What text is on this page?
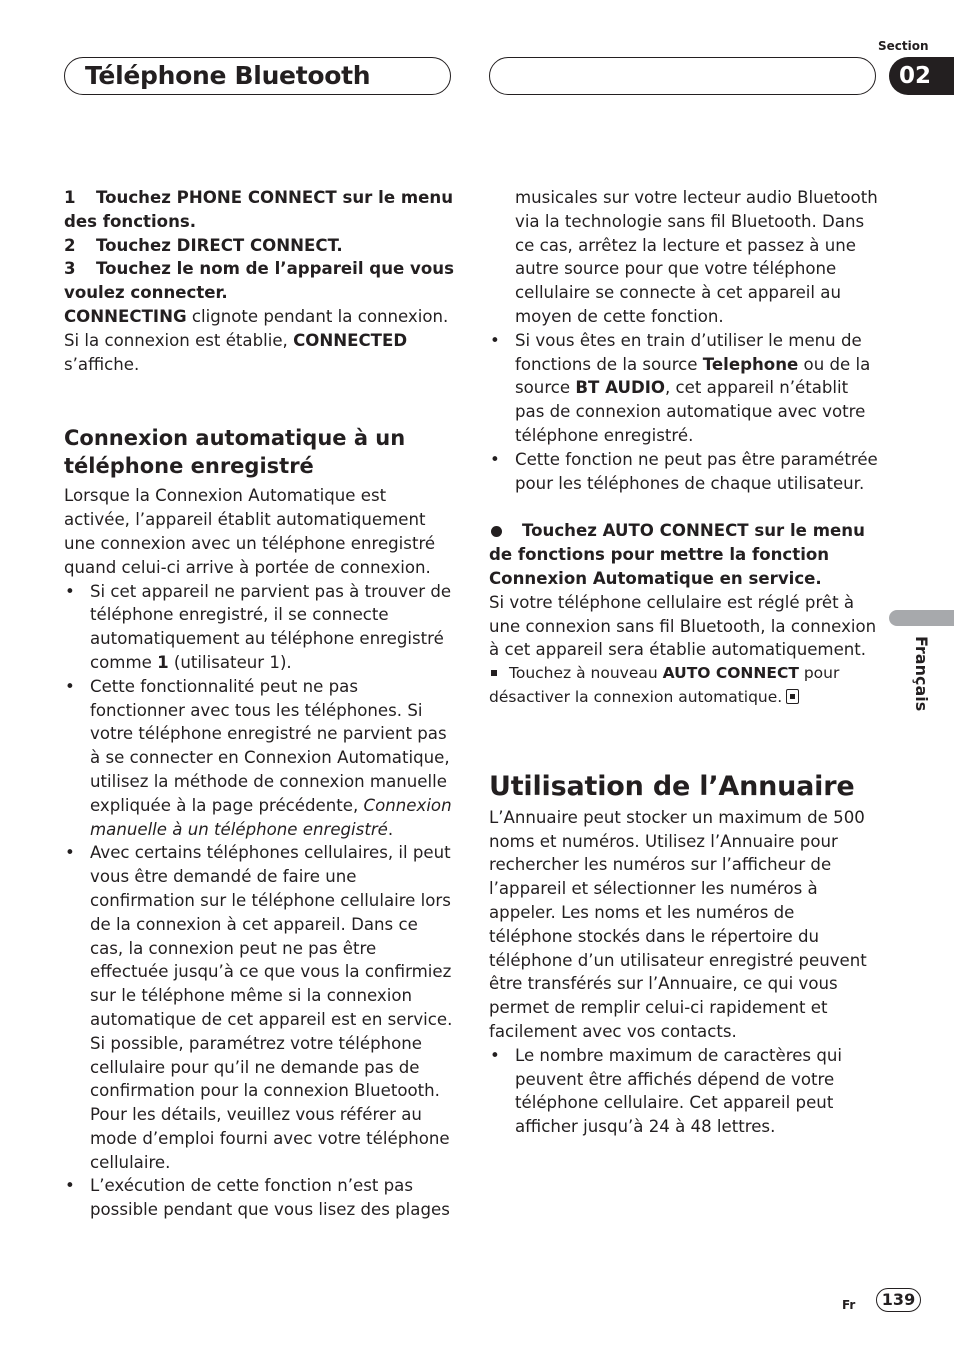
Téléphone Bluetooth
Section
02
Français

1 Touchez PHONE CONNECT sur le menu des fonctions.

2 Touchez DIRECT CONNECT.

3 Touchez le nom de l’appareil que vous voulez connecter.

CONNECTING clignote pendant la connexion. Si la connexion est établie, CONNECTED s’affiche.

Connexion automatique à un téléphone enregistré

Lorsque la Connexion Automatique est activée, l’appareil établit automatiquement une connexion avec un téléphone enregistré quand celui-ci arrive à portée de connexion.

• Si cet appareil ne parvient pas à trouver de téléphone enregistré, il se connecte automatiquement au téléphone enregistré comme 1 (utilisateur 1).
• Cette fonctionnalité peut ne pas fonctionner avec tous les téléphones. Si votre téléphone enregistré ne parvient pas à se connecter en Connexion Automatique, utilisez la méthode de connexion manuelle expliquée à la page précédente, Connexion manuelle à un téléphone enregistré.
• Avec certains téléphones cellulaires, il peut vous être demandé de faire une confirmation sur le téléphone cellulaire lors de la connexion à cet appareil. Dans ce cas, la connexion peut ne pas être effectuée jusqu’à ce que vous la confirmiez sur le téléphone même si la connexion automatique de cet appareil est en service. Si possible, paramétrez votre téléphone cellulaire pour qu’il ne demande pas de confirmation pour la connexion Bluetooth. Pour les détails, veuillez vous référer au mode d’emploi fourni avec votre téléphone cellulaire.
• L’exécution de cette fonction n’est pas possible pendant que vous lisez des plages
musicales sur votre lecteur audio Bluetooth via la technologie sans fil Bluetooth. Dans ce cas, arrêtez la lecture et passez à une autre source pour que votre téléphone cellulaire se connecte à cet appareil au moyen de cette fonction.
• Si vous êtes en train d’utiliser le menu de fonctions de la source Telephone ou de la source BT AUDIO, cet appareil n’établit pas de connexion automatique avec votre téléphone enregistré.
• Cette fonction ne peut pas être paramétrée pour les téléphones de chaque utilisateur.

Touchez AUTO CONNECT sur le menu de fonctions pour mettre la fonction Connexion Automatique en service.

Si votre téléphone cellulaire est réglé prêt à une connexion sans fil Bluetooth, la connexion à cet appareil sera établie automatiquement.

Touchez à nouveau AUTO CONNECT pour désactiver la connexion automatique.

Utilisation de l’Annuaire

L’Annuaire peut stocker un maximum de 500 noms et numéros. Utilisez l’Annuaire pour rechercher les numéros sur l’afficheur de l’appareil et sélectionner les numéros à appeler. Les noms et les numéros de téléphone stockés dans le répertoire du téléphone d’un utilisateur enregistré peuvent être transférés sur l’Annuaire, ce qui vous permet de remplir celui-ci rapidement et facilement avec vos contacts.

• Le nombre maximum de caractères qui peuvent être affichés dépend de votre téléphone cellulaire. Cet appareil peut afficher jusqu’à 24 à 48 lettres.
Fr	139
